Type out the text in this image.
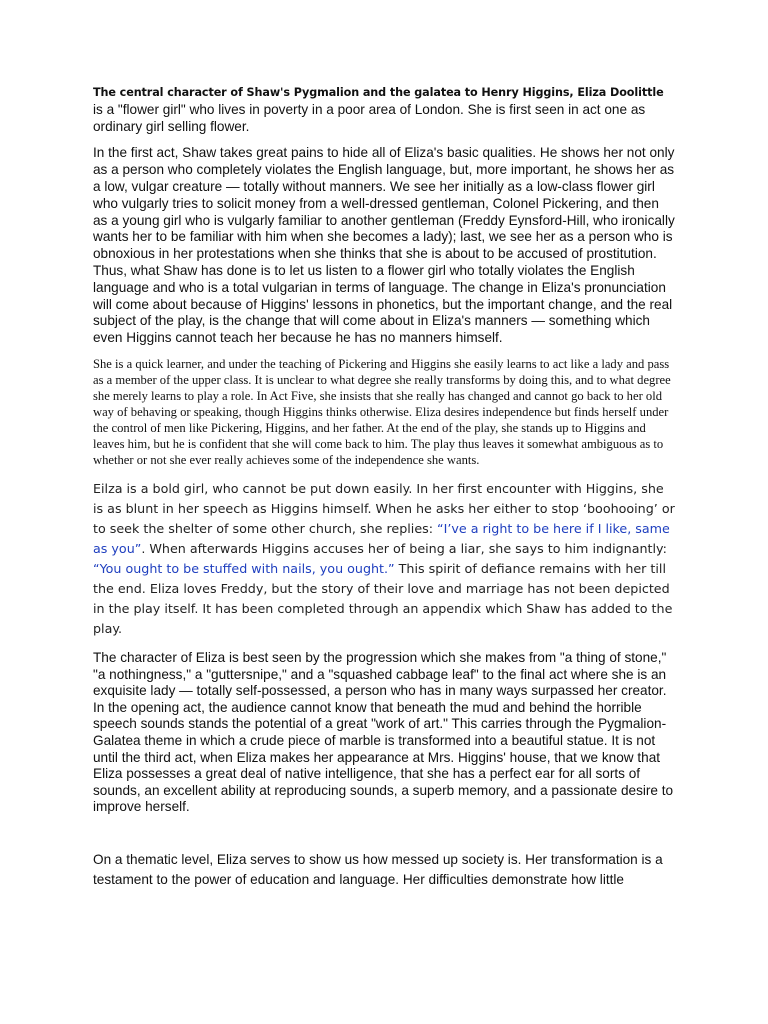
The central character of Shaw's Pygmalion and the galatea to Henry Higgins, Eliza Doolittle is a "flower girl" who lives in poverty in a poor area of London. She is first seen in act one as ordinary girl selling flower.

In the first act, Shaw takes great pains to hide all of Eliza's basic qualities. He shows her not only as a person who completely violates the English language, but, more important, he shows her as a low, vulgar creature — totally without manners. We see her initially as a low-class flower girl who vulgarly tries to solicit money from a well-dressed gentleman, Colonel Pickering, and then as a young girl who is vulgarly familiar to another gentleman (Freddy Eynsford-Hill, who ironically wants her to be familiar with him when she becomes a lady); last, we see her as a person who is obnoxious in her protestations when she thinks that she is about to be accused of prostitution. Thus, what Shaw has done is to let us listen to a flower girl who totally violates the English language and who is a total vulgarian in terms of language. The change in Eliza's pronunciation will come about because of Higgins' lessons in phonetics, but the important change, and the real subject of the play, is the change that will come about in Eliza's manners — something which even Higgins cannot teach her because he has no manners himself.

She is a quick learner, and under the teaching of Pickering and Higgins she easily learns to act like a lady and pass as a member of the upper class. It is unclear to what degree she really transforms by doing this, and to what degree she merely learns to play a role. In Act Five, she insists that she really has changed and cannot go back to her old way of behaving or speaking, though Higgins thinks otherwise. Eliza desires independence but finds herself under the control of men like Pickering, Higgins, and her father. At the end of the play, she stands up to Higgins and leaves him, but he is confident that she will come back to him. The play thus leaves it somewhat ambiguous as to whether or not she ever really achieves some of the independence she wants.

Eilza is a bold girl, who cannot be put down easily. In her first encounter with Higgins, she is as blunt in her speech as Higgins himself. When he asks her either to stop ‘boohooing’ or to seek the shelter of some other church, she replies: “I’ve a right to be here if I like, same as you”. When afterwards Higgins accuses her of being a liar, she says to him indignantly: “You ought to be stuffed with nails, you ought.” This spirit of defiance remains with her till the end. Eliza loves Freddy, but the story of their love and marriage has not been depicted in the play itself. It has been completed through an appendix which Shaw has added to the play.

The character of Eliza is best seen by the progression which she makes from "a thing of stone," "a nothingness," a "guttersnipe," and a "squashed cabbage leaf" to the final act where she is an exquisite lady — totally self-possessed, a person who has in many ways surpassed her creator. In the opening act, the audience cannot know that beneath the mud and behind the horrible speech sounds stands the potential of a great "work of art." This carries through the Pygmalion-Galatea theme in which a crude piece of marble is transformed into a beautiful statue. It is not until the third act, when Eliza makes her appearance at Mrs. Higgins' house, that we know that Eliza possesses a great deal of native intelligence, that she has a perfect ear for all sorts of sounds, an excellent ability at reproducing sounds, a superb memory, and a passionate desire to improve herself.

On a thematic level, Eliza serves to show us how messed up society is. Her transformation is a testament to the power of education and language. Her difficulties demonstrate how little
